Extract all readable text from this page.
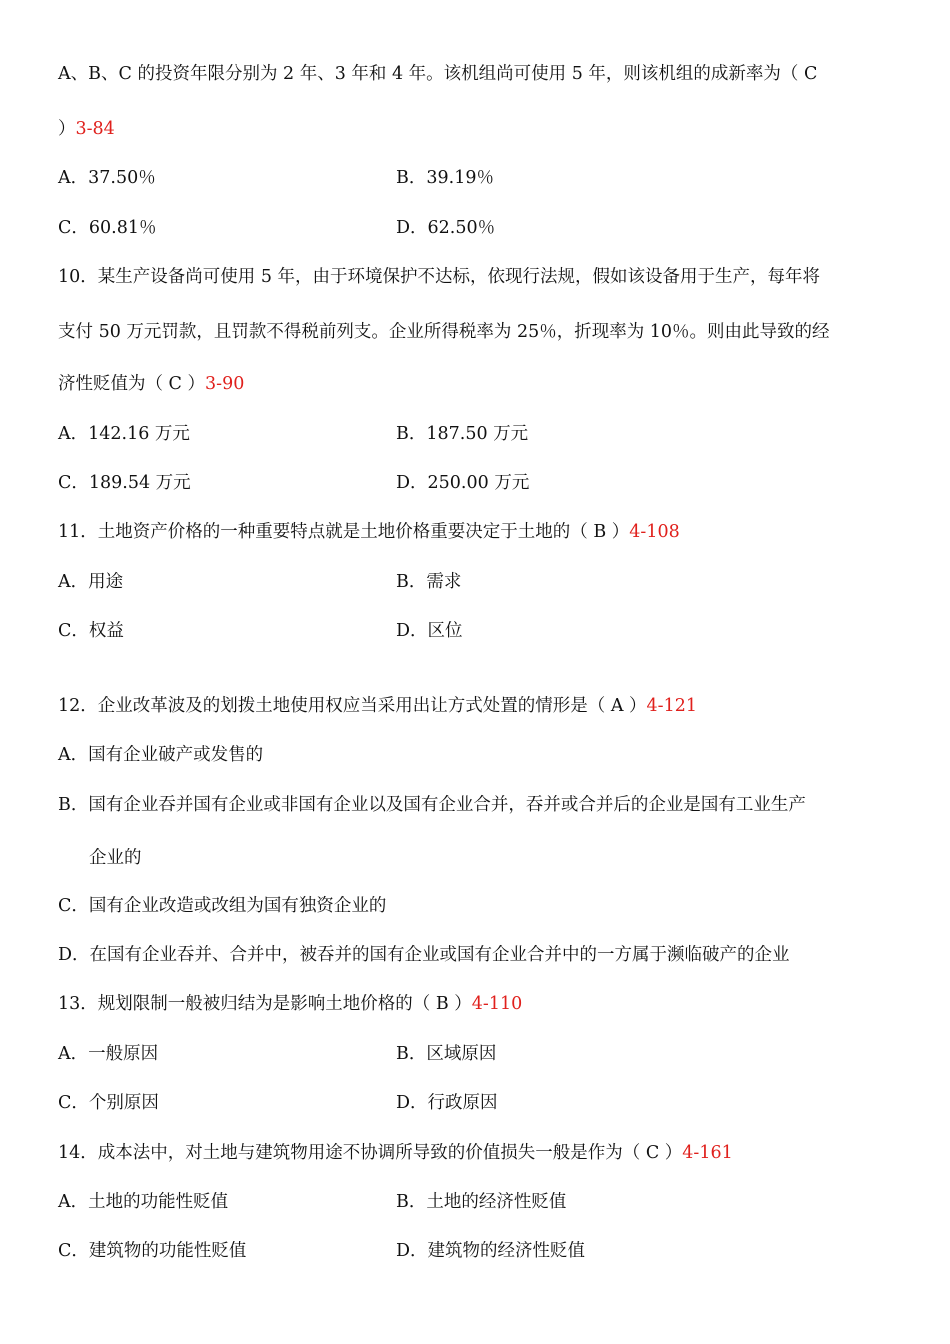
A、B、C 的投资年限分别为 2 年、3 年和 4 年。该机组尚可使用 5 年，则该机组的成新率为（ C
）3-84
A．37.50％	B．39.19％
C．60.81％	D．62.50％
10．某生产设备尚可使用 5 年，由于环境保护不达标，依现行法规，假如该设备用于生产，每年将
支付 50 万元罚款，且罚款不得税前列支。企业所得税率为 25％，折现率为 10％。则由此导致的经
济性贬值为（ C ）3-90
A．142.16 万元	B．187.50 万元
C．189.54 万元	D．250.00 万元
11．土地资产价格的一种重要特点就是土地价格重要决定于土地的（ B ）4-108
A．用途	B．需求
C．权益	D．区位
12．企业改革波及的划拨土地使用权应当采用出让方式处置的情形是（ A ）4-121
A．国有企业破产或发售的
B．国有企业吞并国有企业或非国有企业以及国有企业合并，吞并或合并后的企业是国有工业生产
企业的
C．国有企业改造或改组为国有独资企业的
D．在国有企业吞并、合并中，被吞并的国有企业或国有企业合并中的一方属于濒临破产的企业
13．规划限制一般被归结为是影响土地价格的（ B ）4-110
A．一般原因	B．区域原因
C．个别原因	D．行政原因
14．成本法中，对土地与建筑物用途不协调所导致的价值损失一般是作为（ C ）4-161
A．土地的功能性贬值	B．土地的经济性贬值
C．建筑物的功能性贬值	D．建筑物的经济性贬值
